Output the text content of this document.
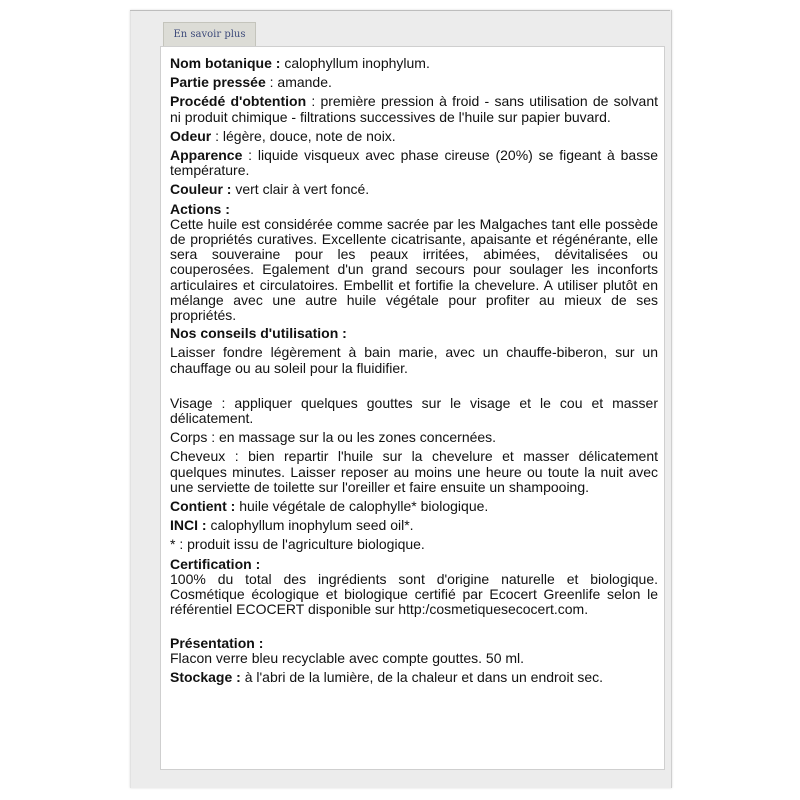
En savoir plus

Nom botanique : calophyllum inophylum.

Partie pressée : amande.

Procédé d'obtention : première pression à froid - sans utilisation de solvant ni produit chimique - filtrations successives de l'huile sur papier buvard.

Odeur : légère, douce, note de noix.

Apparence : liquide visqueux avec phase cireuse (20%) se figeant à basse température.

Couleur : vert clair à vert foncé.

Actions :
Cette huile est considérée comme sacrée par les Malgaches tant elle possède de propriétés curatives. Excellente cicatrisante, apaisante et régénérante, elle sera souveraine pour les peaux irritées, abimées, dévitalisées ou couperosées. Egalement d'un grand secours pour soulager les inconforts articulaires et circulatoires. Embellit et fortifie la chevelure. A utiliser plutôt en mélange avec une autre huile végétale pour profiter au mieux de ses propriétés.

Nos conseils d'utilisation :
Laisser fondre légèrement à bain marie, avec un chauffe-biberon, sur un chauffage ou au soleil pour la fluidifier.

Visage : appliquer quelques gouttes sur le visage et le cou et masser délicatement.

Corps : en massage sur la ou les zones concernées.

Cheveux : bien repartir l'huile sur la chevelure et masser délicatement quelques minutes. Laisser reposer au moins une heure ou toute la nuit avec une serviette de toilette sur l'oreiller et faire ensuite un shampooing.

Contient : huile végétale de calophylle* biologique.

INCI : calophyllum inophylum seed oil*.

* : produit issu de l'agriculture biologique.

Certification :
100% du total des ingrédients sont d'origine naturelle et biologique. Cosmétique écologique et biologique certifié par Ecocert Greenlife selon le référentiel ECOCERT disponible sur http:/cosmetiquesecocert.com.

Présentation :
Flacon verre bleu recyclable avec compte gouttes. 50 ml.

Stockage : à l'abri de la lumière, de la chaleur et dans un endroit sec.
